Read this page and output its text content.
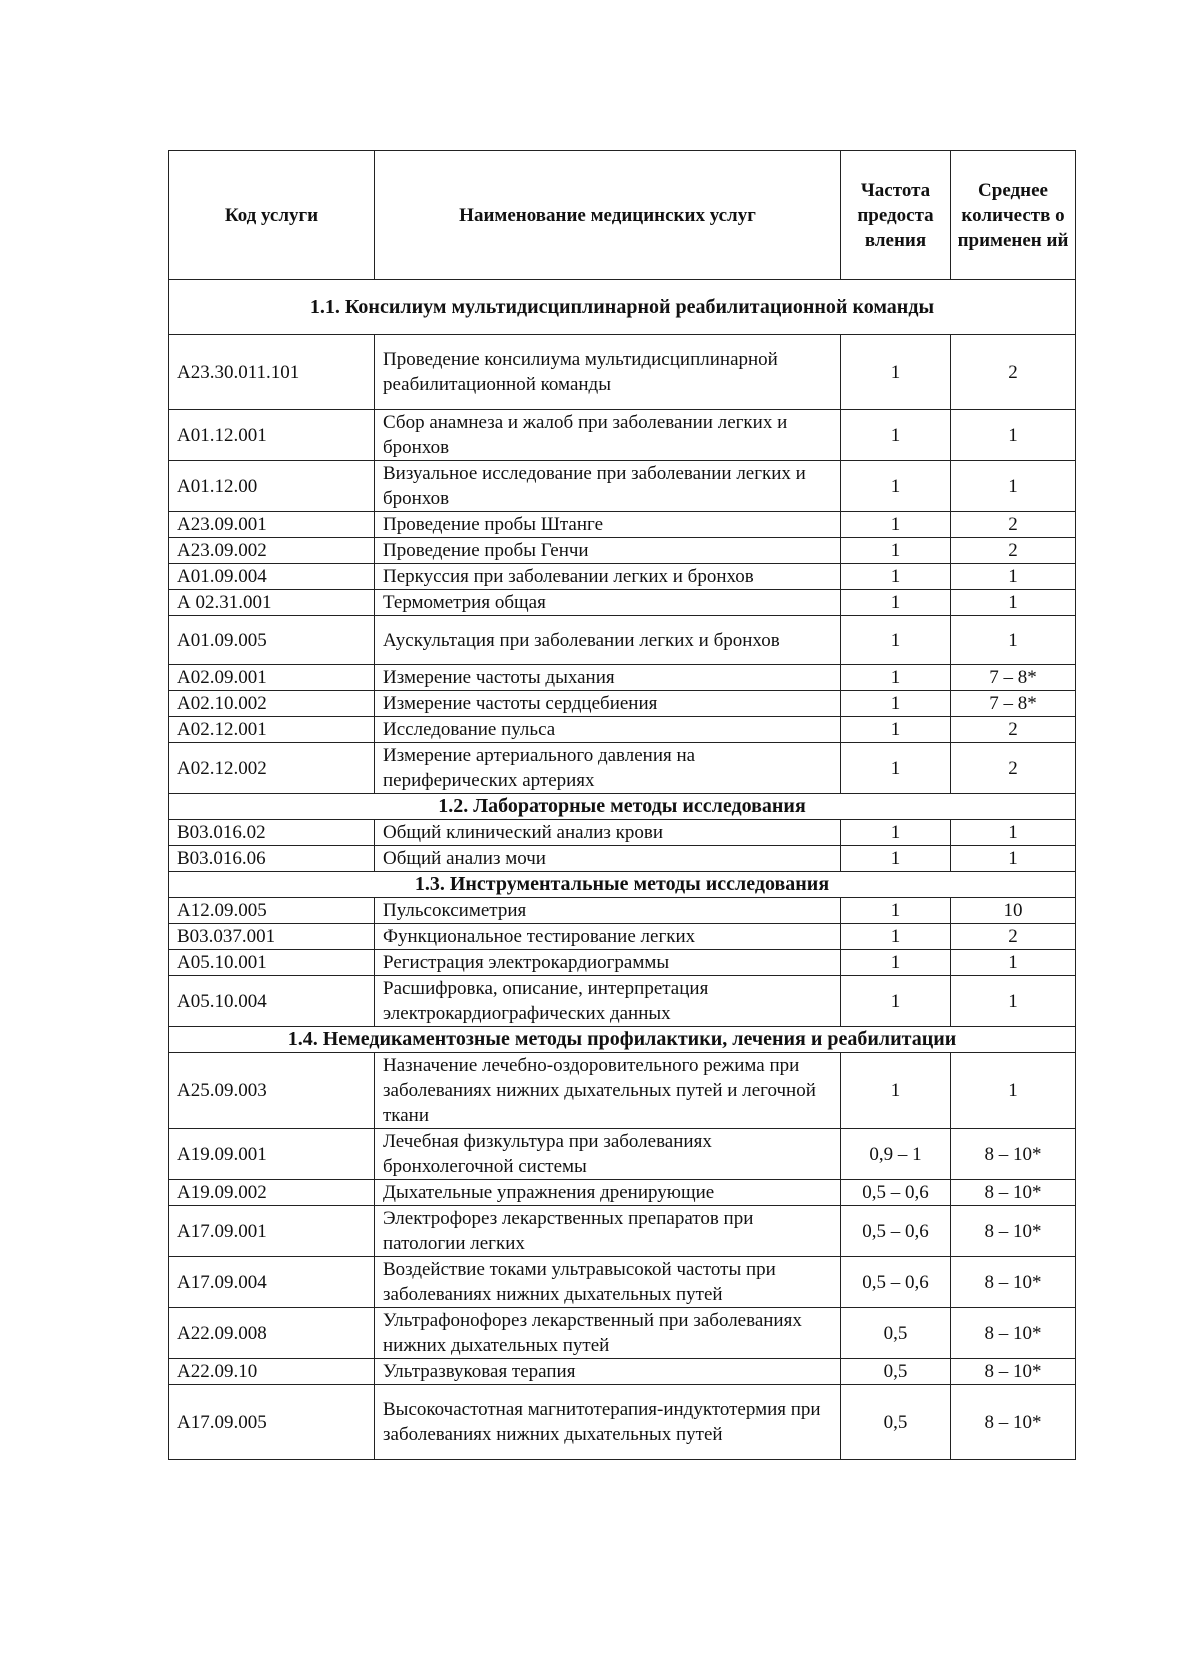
Код услуги	Наименование медицинских услуг	Частота предоста вления	Среднее количеств о применен ий
1.1. Консилиум мультидисциплинарной реабилитационной команды			
А23.30.011.101	Проведение консилиума мультидисциплинарной реабилитационной команды	1	2
А01.12.001	Сбор анамнеза и жалоб при заболевании легких и бронхов	1	1
А01.12.00	Визуальное исследование при заболевании легких и бронхов	1	1
А23.09.001	Проведение пробы Штанге	1	2
А23.09.002	Проведение пробы Генчи	1	2
А01.09.004	Перкуссия при заболевании легких и бронхов	1	1
А 02.31.001	Термометрия общая	1	1
А01.09.005	Аускультация при заболевании легких и бронхов	1	1
А02.09.001	Измерение частоты дыхания	1	7 – 8*
А02.10.002	Измерение частоты сердцебиения	1	7 – 8*
А02.12.001	Исследование пульса	1	2
А02.12.002	Измерение артериального давления на периферических артериях	1	2
1.2. Лабораторные методы исследования			
В03.016.02	Общий клинический анализ крови	1	1
В03.016.06	Общий анализ мочи	1	1
1.3. Инструментальные методы исследования			
А12.09.005	Пульсоксиметрия	1	10
В03.037.001	Функциональное тестирование легких	1	2
А05.10.001	Регистрация электрокардиограммы	1	1
А05.10.004	Расшифровка, описание, интерпретация электрокардиографических данных	1	1
1.4. Немедикаментозные методы профилактики, лечения и реабилитации			
А25.09.003	Назначение лечебно-оздоровительного режима при заболеваниях нижних дыхательных путей и легочной ткани	1	1
А19.09.001	Лечебная физкультура при заболеваниях бронхолегочной системы	0,9 – 1	8 – 10*
А19.09.002	Дыхательные упражнения дренирующие	0,5 – 0,6	8 – 10*
А17.09.001	Электрофорез лекарственных препаратов при патологии легких	0,5 – 0,6	8 – 10*
А17.09.004	Воздействие токами ультравысокой частоты при заболеваниях нижних дыхательных путей	0,5 – 0,6	8 – 10*
А22.09.008	Ультрафонофорез лекарственный при заболеваниях нижних дыхательных путей	0,5	8 – 10*
А22.09.10	Ультразвуковая терапия	0,5	8 – 10*
А17.09.005	Высокочастотная магнитотерапия-индуктотермия при заболеваниях нижних дыхательных путей	0,5	8 – 10*
